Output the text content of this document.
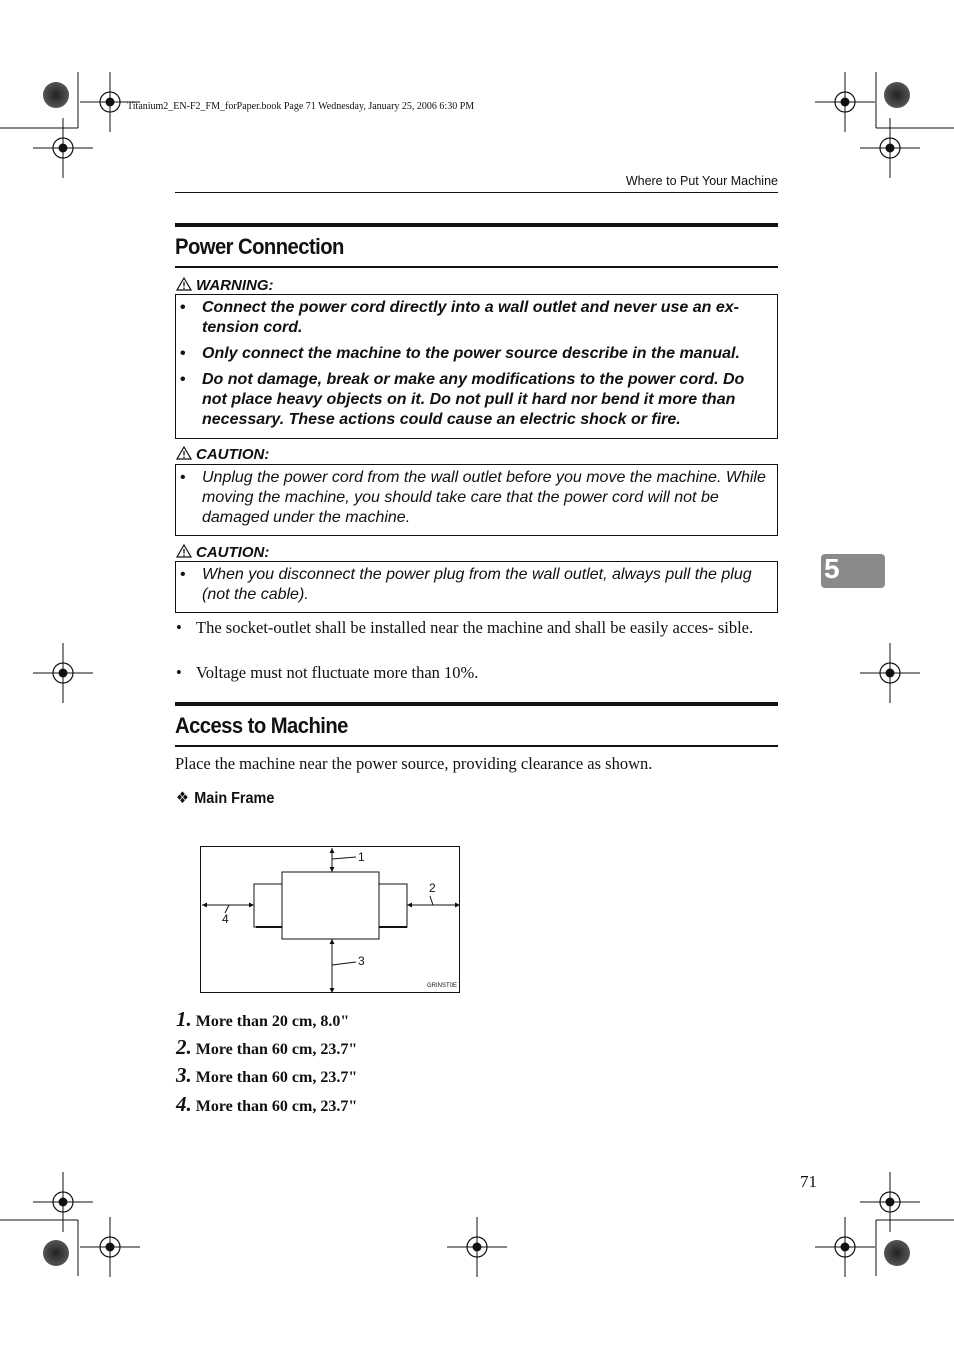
Titanium2_EN-F2_FM_forPaper.book Page 71 Wednesday, January 25, 2006 6:30 PM
Where to Put Your Machine
5
Power Connection
WARNING:
• Connect the power cord directly into a wall outlet and never use an ex- tension cord.
• Only connect the machine to the power source describe in the manual.
• Do not damage, break or make any modifications to the power cord. Do not place heavy objects on it. Do not pull it hard nor bend it more than necessary. These actions could cause an electric shock or fire.
CAUTION:
• Unplug the power cord from the wall outlet before you move the machine. While moving the machine, you should take care that the power cord will not be damaged under the machine.
CAUTION:
• When you disconnect the power plug from the wall outlet, always pull the plug (not the cable).
• The socket-outlet shall be installed near the machine and shall be easily acces- sible.
• Voltage must not fluctuate more than 10%.
Access to Machine
Place the machine near the power source, providing clearance as shown.
❖ Main Frame
1
2
3
4
GRINST0E
1. More than 20 cm, 8.0"
2. More than 60 cm, 23.7"
3. More than 60 cm, 23.7"
4. More than 60 cm, 23.7"
71
